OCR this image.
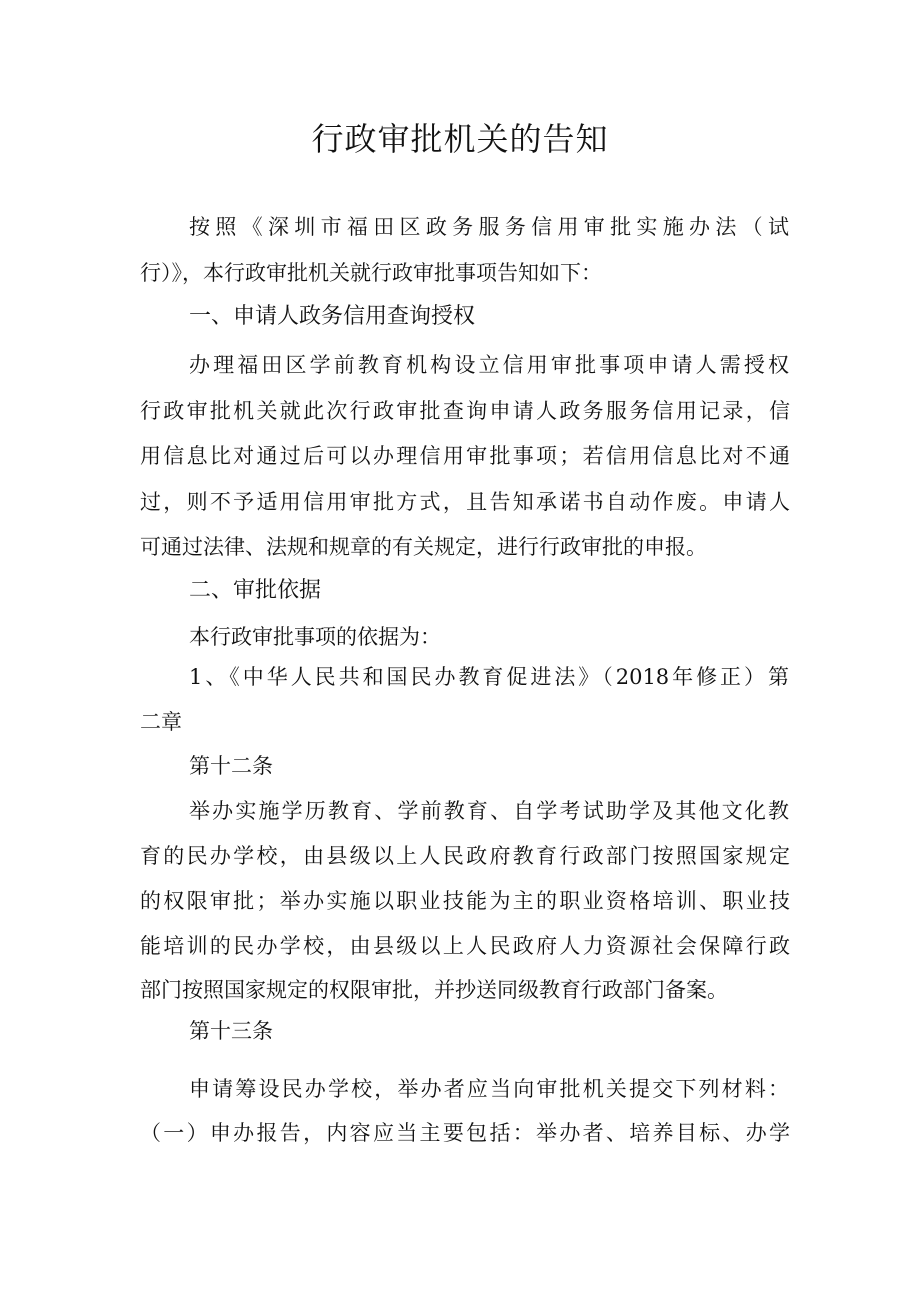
行政审批机关的告知
按照《深圳市福田区政务服务信用审批实施办法（试
行）》，本行政审批机关就行政审批事项告知如下：
一、申请人政务信用查询授权
办理福田区学前教育机构设立信用审批事项申请人需授权
行政审批机关就此次行政审批查询申请人政务服务信用记录，信
用信息比对通过后可以办理信用审批事项；若信用信息比对不通
过，则不予适用信用审批方式，且告知承诺书自动作废。申请人
可通过法律、法规和规章的有关规定，进行行政审批的申报。
二、审批依据
本行政审批事项的依据为：
1、《中华人民共和国民办教育促进法》（2018年修正）第
二章
第十二条
举办实施学历教育、学前教育、自学考试助学及其他文化教
育的民办学校，由县级以上人民政府教育行政部门按照国家规定
的权限审批；举办实施以职业技能为主的职业资格培训、职业技
能培训的民办学校，由县级以上人民政府人力资源社会保障行政
部门按照国家规定的权限审批，并抄送同级教育行政部门备案。
第十三条
申请筹设民办学校，举办者应当向审批机关提交下列材料：
（一）申办报告，内容应当主要包括：举办者、培养目标、办学
